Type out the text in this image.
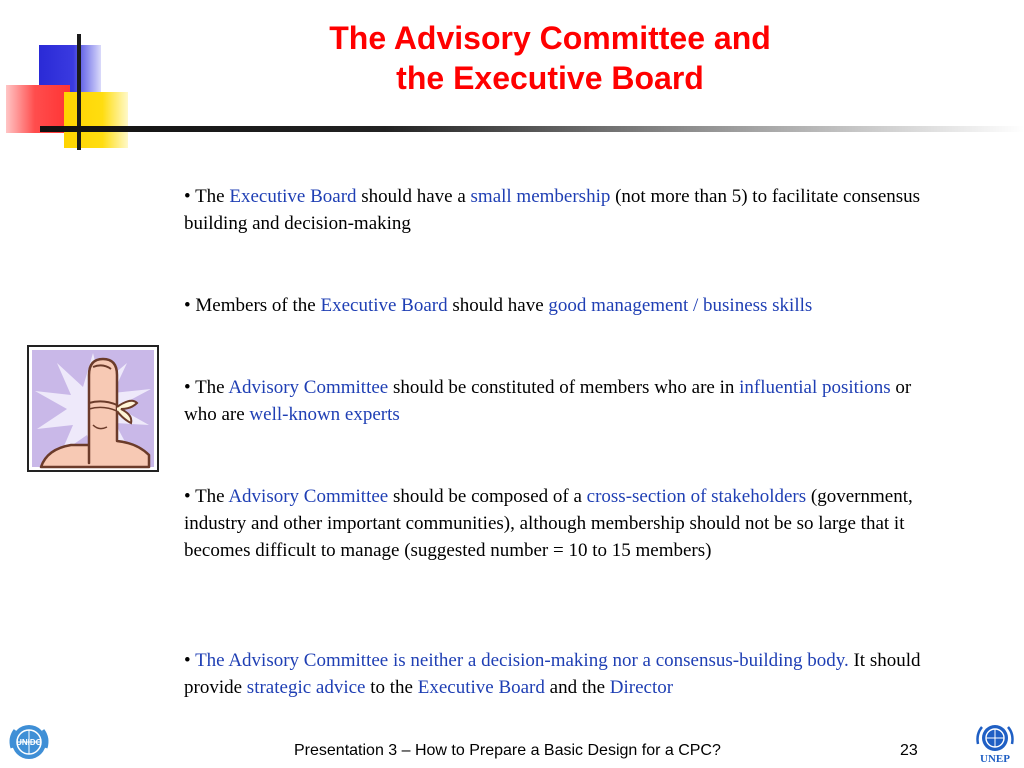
The Advisory Committee and
the Executive Board
• The Executive Board should have a small membership (not more than 5) to facilitate consensus building and decision-making
• Members of the Executive Board should have good management / business skills
• The Advisory Committee should be constituted of members who are in influential positions or who are well-known experts
• The Advisory Committee should be composed of a cross-section of stakeholders (government, industry and other important communities), although membership should not be so large that it becomes difficult to manage (suggested number = 10 to 15 members)
• The Advisory Committee is neither a decision-making nor a consensus-building body. It should provide strategic advice to the Executive Board and the Director
UNIDO	Presentation 3 – How to Prepare a Basic Design for a CPC?	23	UNEP
